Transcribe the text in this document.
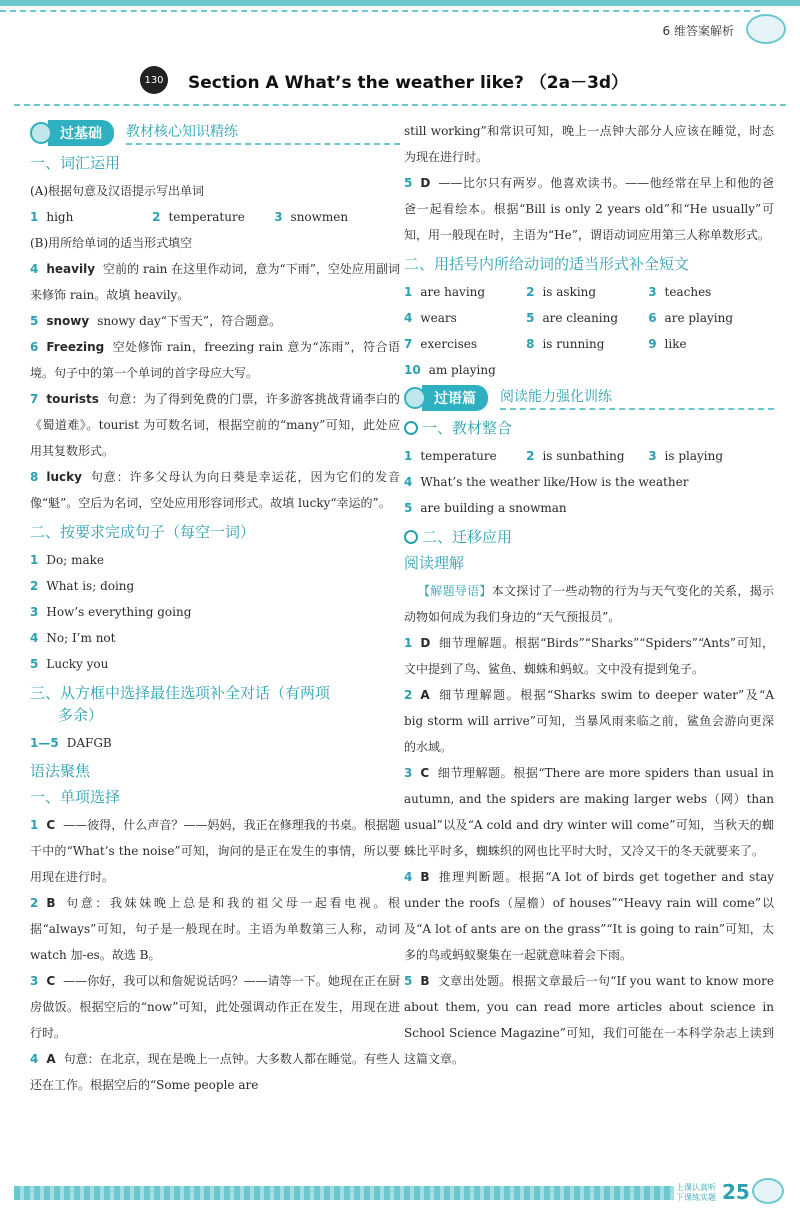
6 维答案解析
130 Section A What’s the weather like? （2a－3d）
过基础	教材核心知识精练
一、词汇运用
(A)根据句意及汉语提示写出单词
1 high	2 temperature 3 snowmen
(B)用所给单词的适当形式填空
4 heavily 空前的 rain 在这里作动词，意为“下雨”，空处应用副词来修饰 rain。故填 heavily。
5 snowy snowy day“下雪天”，符合题意。
6 Freezing 空处修饰 rain，freezing rain 意为“冻雨”，符合语境。句子中的第一个单词的首字母应大写。
7 tourists 句意：为了得到免费的门票，许多游客挑战背诵李白的《蜀道难》。tourist 为可数名词，根据空前的“many”可知，此处应用其复数形式。
8 lucky 句意：许多父母认为向日葵是幸运花，因为它们的发音像“魁”。空后为名词，空处应用形容词形式。故填 lucky“幸运的”。
二、按要求完成句子（每空一词）
1 Do; make
2 What is; doing
3 How’s everything going
4 No; I’m not
5 Lucky you
三、从方框中选择最佳选项补全对话（有两项
多余）
1—5 DAFGB
语法聚焦
一、单项选择
1 C ——彼得，什么声音？——妈妈，我正在修理我的书桌。根据题干中的“What’s the noise”可知，询问的是正在发生的事情，所以要用现在进行时。
2 B 句意：我妹妹晚上总是和我的祖父母一起看电视。根据“always”可知，句子是一般现在时。主语为单数第三人称，动词 watch 加-es。故选 B。
3 C ——你好，我可以和詹妮说话吗？——请等一下。她现在正在厨房做饭。根据空后的“now”可知，此处强调动作正在发生，用现在进行时。
4 A 句意：在北京，现在是晚上一点钟。大多数人都在睡觉。有些人还在工作。根据空后的“Some people are
still working”和常识可知，晚上一点钟大部分人应该在睡觉，时态为现在进行时。
5 D ——比尔只有两岁。他喜欢读书。——他经常在早上和他的爸爸一起看绘本。根据“Bill is only 2 years old”和“He usually”可知，用一般现在时，主语为“He”，谓语动词应用第三人称单数形式。
二、用括号内所给动词的适当形式补全短文
1 are having	2 is asking	3 teaches
4 wears	5 are cleaning	6 are playing
7 exercises	8 is running	9 like
10 am playing
过语篇	阅读能力强化训练
一、教材整合
1 temperature 2 is sunbathing 3 is playing
4 What’s the weather like/How is the weather
5 are building a snowman
二、迁移应用
阅读理解
【解题导语】本文探讨了一些动物的行为与天气变化的关系，揭示动物如何成为我们身边的“天气预报员”。
1 D 细节理解题。根据“Birds”“Sharks”“Spiders”“Ants”可知，文中提到了鸟、鲨鱼、蜘蛛和蚂蚁。文中没有提到兔子。
2 A 细节理解题。根据“Sharks swim to deeper water”及“A big storm will arrive”可知，当暴风雨来临之前，鲨鱼会游向更深的水域。
3 C 细节理解题。根据“There are more spiders than usual in autumn, and the spiders are making larger webs（网）than usual”以及“A cold and dry winter will come”可知，当秋天的蜘蛛比平时多，蜘蛛织的网也比平时大时，又冷又干的冬天就要来了。
4 B 推理判断题。根据“A lot of birds get together and stay under the roofs（屋檐）of houses”“Heavy rain will come”以及“A lot of ants are on the grass”“It is going to rain”可知，太多的鸟或蚂蚁聚集在一起就意味着会下雨。
5 B 文章出处题。根据文章最后一句“If you want to know more about them, you can read more articles about science in School Science Magazine”可知，我们可能在一本科学杂志上读到这篇文章。
上课认真听 下课练实题 25
